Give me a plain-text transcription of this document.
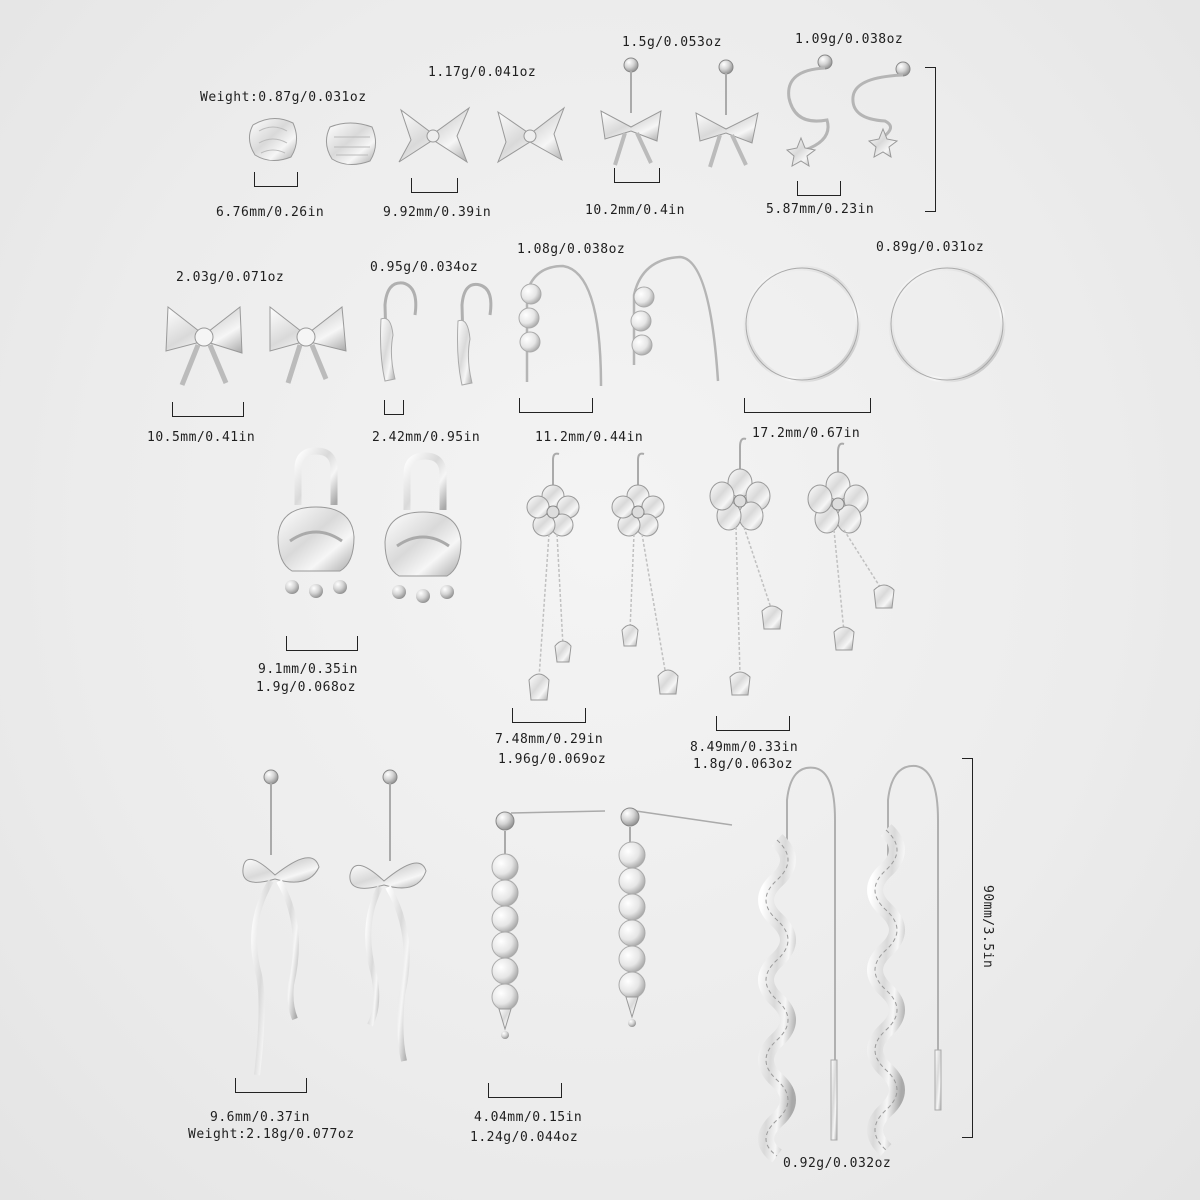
Weight:0.87g/0.031oz
6.76mm/0.26in
1.17g/0.041oz
9.92mm/0.39in
1.5g/0.053oz
10.2mm/0.4in
1.09g/0.038oz
5.87mm/0.23in
2.03g/0.071oz
10.5mm/0.41in
0.95g/0.034oz
2.42mm/0.95in
1.08g/0.038oz
11.2mm/0.44in
0.89g/0.031oz
17.2mm/0.67in
9.1mm/0.35in
1.9g/0.068oz
7.48mm/0.29in
1.96g/0.069oz
8.49mm/0.33in
1.8g/0.063oz
9.6mm/0.37in
Weight:2.18g/0.077oz
4.04mm/0.15in
1.24g/0.044oz
90mm/3.5in
0.92g/0.032oz
